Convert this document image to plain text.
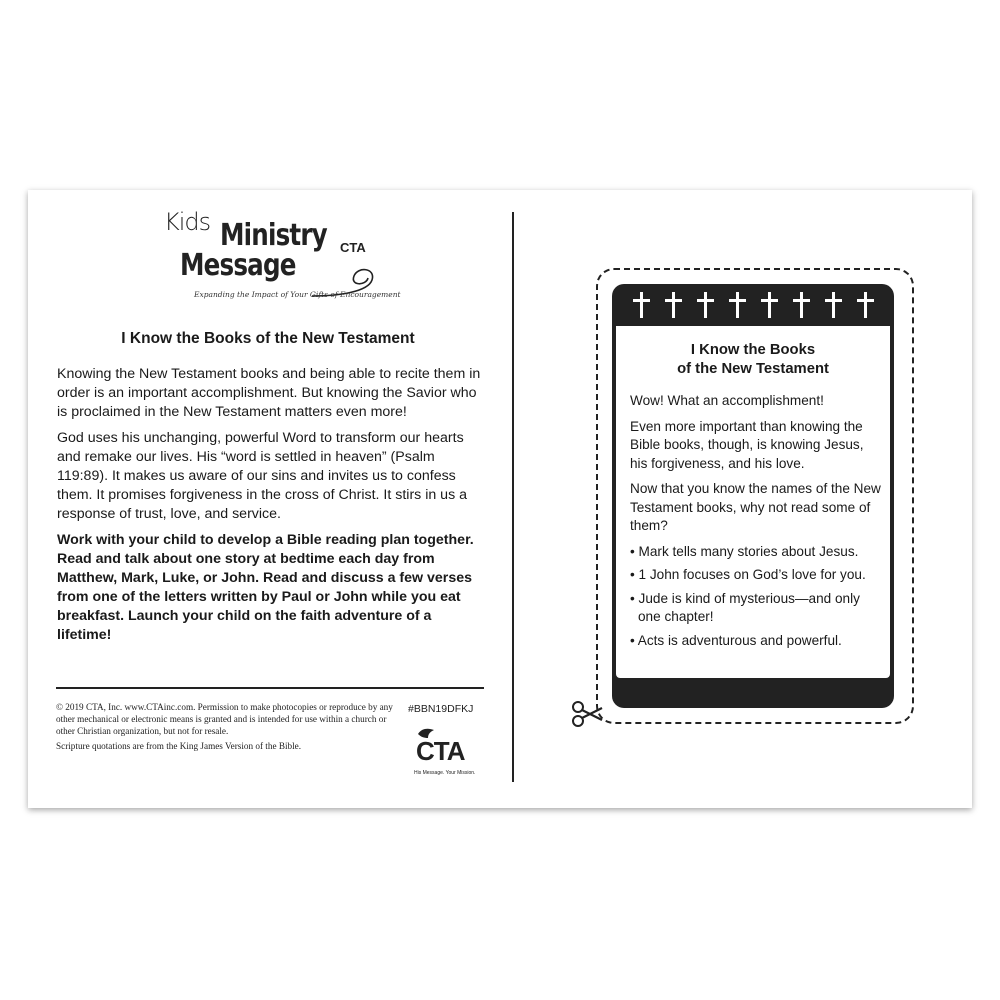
Kids Ministry
Message
CTA
Expanding the Impact of Your Gifts of Encouragement
I Know the Books of the New Testament

Knowing the New Testament books and being able to recite them in order is an important accomplishment. But knowing the Savior who is proclaimed in the New Testament matters even more!

God uses his unchanging, powerful Word to transform our hearts and remake our lives. His “word is settled in heaven” (Psalm 119:89). It makes us aware of our sins and invites us to confess them. It promises forgiveness in the cross of Christ. It stirs in us a response of trust, love, and service.

Work with your child to develop a Bible reading plan together. Read and talk about one story at bedtime each day from Matthew, Mark, Luke, or John. Read and discuss a few verses from one of the letters written by Paul or John while you eat breakfast. Launch your child on the faith adventure of a lifetime!

© 2019 CTA, Inc. www.CTAinc.com. Permission to make photocopies or reproduce by any other mechanical or electronic means is granted and is intended for use within a church or other Christian organization, but not for resale.

Scripture quotations are from the King James Version of the Bible.

#BBN19DFKJ
CTA
His Message. Your Mission.
I Know the Books
of the New Testament

Wow! What an accomplishment!

Even more important than knowing the Bible books, though, is knowing Jesus, his forgiveness, and his love.

Now that you know the names of the New Testament books, why not read some of them?

• Mark tells many stories about Jesus.
• 1 John focuses on God’s love for you.
• Jude is kind of mysterious—and only one chapter!
• Acts is adventurous and powerful.
